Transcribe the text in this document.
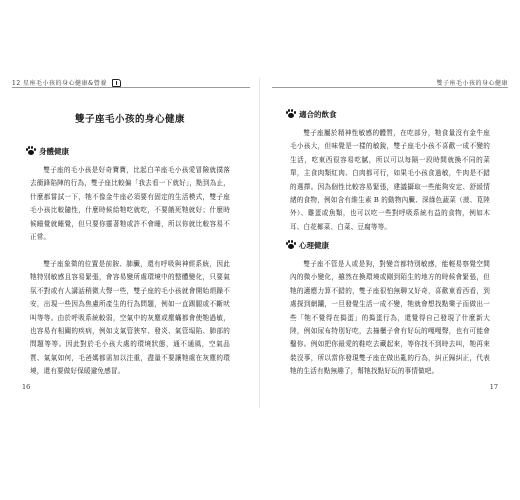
12 星座毛小孩的身心健康&營養
雙子座毛小孩的身心健康
身體健康

雙子座的毛小孩是好奇寶寶，比起白羊座毛小孩愛冒險就撲落去衝鋒陷陣的行為，雙子座比較偏「我去看一下就好」，點到為止，什麼都嘗試一下，牠不像金牛座必須要有固定的生活模式，雙子座毛小孩比較隨性，什麼時候給牠吃就吃，不要餓死牠就好；什麼時候睡覺就睡覺，但只要你靈著牠或許不會睡，所以你就比較容易不正常。

雙子座象徵的位置是前胺、肺臟，還有呼吸與神經系統，因此牠特別敏感且容易緊張，會容易變所處環境中的整體變化，只要氣氛不對或有人講話稍微大聲一些，雙子座的毛小孩就會開始煩躁不安，出現一些因為焦慮所產生的行為問題，例如一直踢腿或不斷吠叫等等。由於呼吸系統較弱，空氣中的灰塵或塵蟎都會使牠過敏，也容易有相關的疾病，例如支氣管狹窄、發炎、氣管塌陷、肺部的問題等等。因此對於毛小孩大處的環境狀態，通不通風，空氣品質、氣氣如何，毛爸媽都需加以注重，盡量不要讓牠處在灰塵的環境，還有要做好保暖避免感冒。

16
雙子座毛小孩的身心健康
適合的飲食

雙子座屬於精神性敏感的體質，在吃部分，牠食量沒有金牛座毛小孩大，但味覺是一樣的敏銳，雙子座毛小孩不喜歡一成不變的生活，吃東西很容易吃膩，所以可以每隔一段時間就換不同的菜單，主食肉類紅肉、白肉都可行，如果毛小孩食過敏，牛肉是不錯的選擇。因為個性比較容易緊張，建議攝取一些能夠安定、舒緩情緒的食物，例如含有維生素 B 的動物內臟、深綠色蔬菜（菠、莧陸外）、雞蛋或魚類，也可以吃一些對呼吸系統有益的食物，例如木耳、白花椰菜、白菜、豆腐等等。

心理健康

雙子座不管是人或是狗，對變音都特別敏感，能輕易察覺空間內的微小變化，雖然在換環境或剛到陌生的地方的時候會緊張，但牠的適應力算不錯的，雙子座很怕無聊又好奇，喜歡東看西看，到處探到網躪，一旦發覺生活一成不變，牠就會想找點樂子而做出一些「牠不覺得在搗蛋」的搗蛋行為，還覺得自己發現了什麼新大陸，例如尿布特別好吃，去撞櫃子會有好玩的嘎嘎聲，也有可能會鑿你。例如把你最愛的鞋吃去藏起來，等你找不到時去叫，牠再來裝沒事，所以當你發現雙子座在做出亂的行為，糾正歸糾正，代表牠的生活有點無趣了，幫牠找點好玩的事情做吧。

17
